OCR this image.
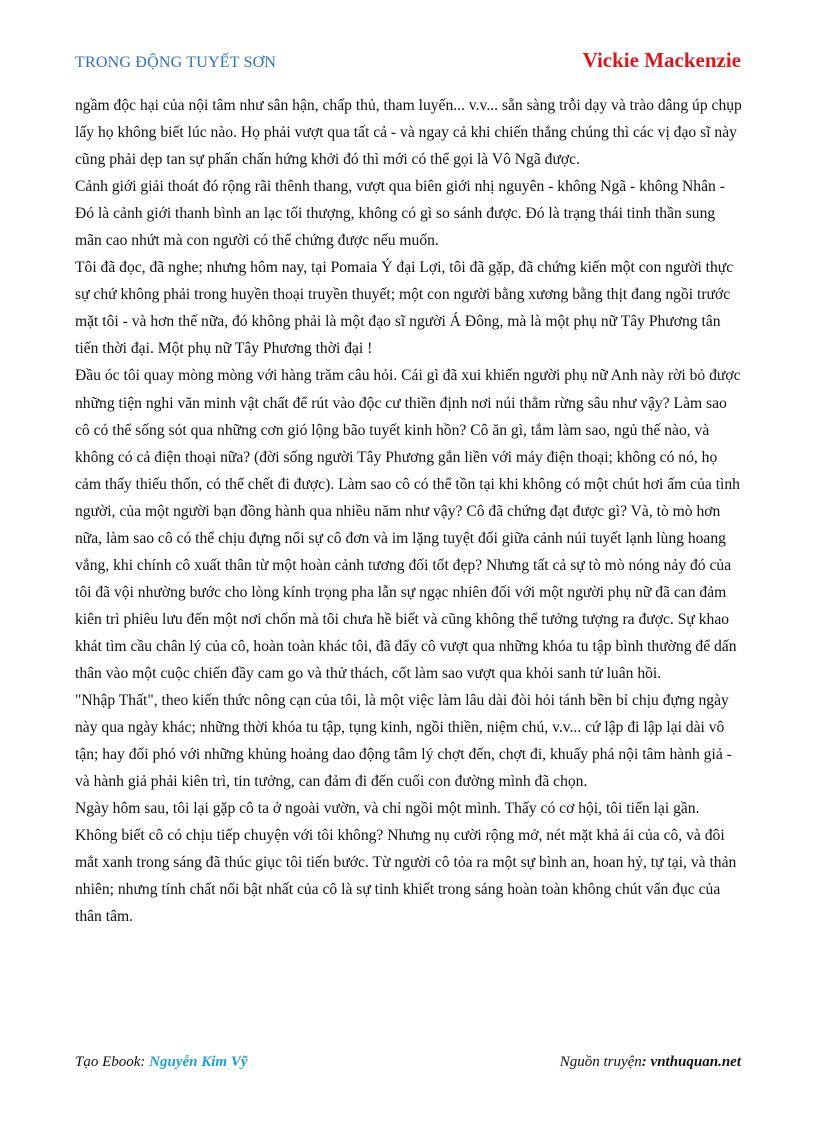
TRONG ĐỘNG TUYẾT SƠN	Vickie Mackenzie

ngầm độc hại của nội tâm như sân hận, chấp thủ, tham luyến... v.v... sẵn sàng trỗi dạy và trào dâng úp chụp lấy họ không biết lúc nào. Họ phải vượt qua tất cả - và ngay cả khi chiến thắng chúng thì các vị đạo sĩ này cũng phải dẹp tan sự phấn chấn hứng khởi đó thì mới có thể gọi là Vô Ngã được.

Cảnh giới giải thoát đó rộng rãi thênh thang, vượt qua biên giới nhị nguyên - không Ngã - không Nhân - Đó là cảnh giới thanh bình an lạc tối thượng, không có gì so sánh được. Đó là trạng thái tinh thần sung mãn cao nhứt mà con người có thể chứng được nếu muốn.

Tôi đã đọc, đã nghe; nhưng hôm nay, tại Pomaia Ý đại Lợi, tôi đã gặp, đã chứng kiến một con người thực sự chứ không phải trong huyền thoại truyền thuyết; một con người bằng xương bằng thịt đang ngồi trước mặt tôi - và hơn thế nữa, đó không phải là một đạo sĩ người Á Đông, mà là một phụ nữ Tây Phương tân tiến thời đại. Một phụ nữ Tây Phương thời đại !

Đầu óc tôi quay mòng mòng với hàng trăm câu hỏi. Cái gì đã xui khiến người phụ nữ Anh này rời bỏ được những tiện nghi văn minh vật chất để rút vào độc cư thiền định nơi núi thẳm rừng sâu như vậy? Làm sao cô có thể sống sót qua những cơn gió lộng bão tuyết kinh hồn? Cô ăn gì, tắm làm sao, ngủ thế nào, và không có cả điện thoại nữa? (đời sống người Tây Phương gắn liền với máy điện thoại; không có nó, họ cảm thấy thiếu thốn, có thể chết đi được). Làm sao cô có thể tồn tại khi không có một chút hơi ấm của tình người, của một người bạn đồng hành qua nhiều năm như vậy? Cô đã chứng đạt được gì? Và, tò mò hơn nữa, làm sao cô có thể chịu đựng nổi sự cô đơn và im lặng tuyệt đối giữa cảnh núi tuyết lạnh lùng hoang vắng, khi chính cô xuất thân từ một hoàn cảnh tương đối tốt đẹp? Nhưng tất cả sự tò mò nóng nảy đó của tôi đã vội nhường bước cho lòng kính trọng pha lẫn sự ngạc nhiên đối với một người phụ nữ đã can đảm kiên trì phiêu lưu đến một nơi chốn mà tôi chưa hề biết và cũng không thể tưởng tượng ra được. Sự khao khát tìm cầu chân lý của cô, hoàn toàn khác tôi, đã đẩy cô vượt qua những khóa tu tập bình thường để dấn thân vào một cuộc chiến đầy cam go và thử thách, cốt làm sao vượt qua khỏi sanh tử luân hồi.

"Nhập Thất", theo kiến thức nông cạn của tôi, là một việc làm lâu dài đòi hỏi tánh bền bỉ chịu đựng ngày này qua ngày khác; những thời khóa tu tập, tụng kinh, ngồi thiền, niệm chú, v.v... cứ lập đi lập lại dài vô tận; hay đối phó với những khủng hoảng dao động tâm lý chợt đến, chợt đi, khuấy phá nội tâm hành giả - và hành giả phải kiên trì, tin tưởng, can đảm đi đến cuối con đường mình đã chọn.

Ngày hôm sau, tôi lại gặp cô ta ở ngoài vườn, và chỉ ngồi một mình. Thấy có cơ hội, tôi tiến lại gần. Không biết cô có chịu tiếp chuyện với tôi không? Nhưng nụ cười rộng mở, nét mặt khả ái của cô, và đôi mắt xanh trong sáng đã thúc giục tôi tiến bước. Từ người cô tỏa ra một sự bình an, hoan hỷ, tự tại, và thản nhiên; nhưng tính chất nổi bật nhất của cô là sự tinh khiết trong sáng hoàn toàn không chút vẩn đục của thân tâm.

Tạo Ebook: Nguyễn Kim Vỹ	Nguồn truyện: vnthuquan.net
